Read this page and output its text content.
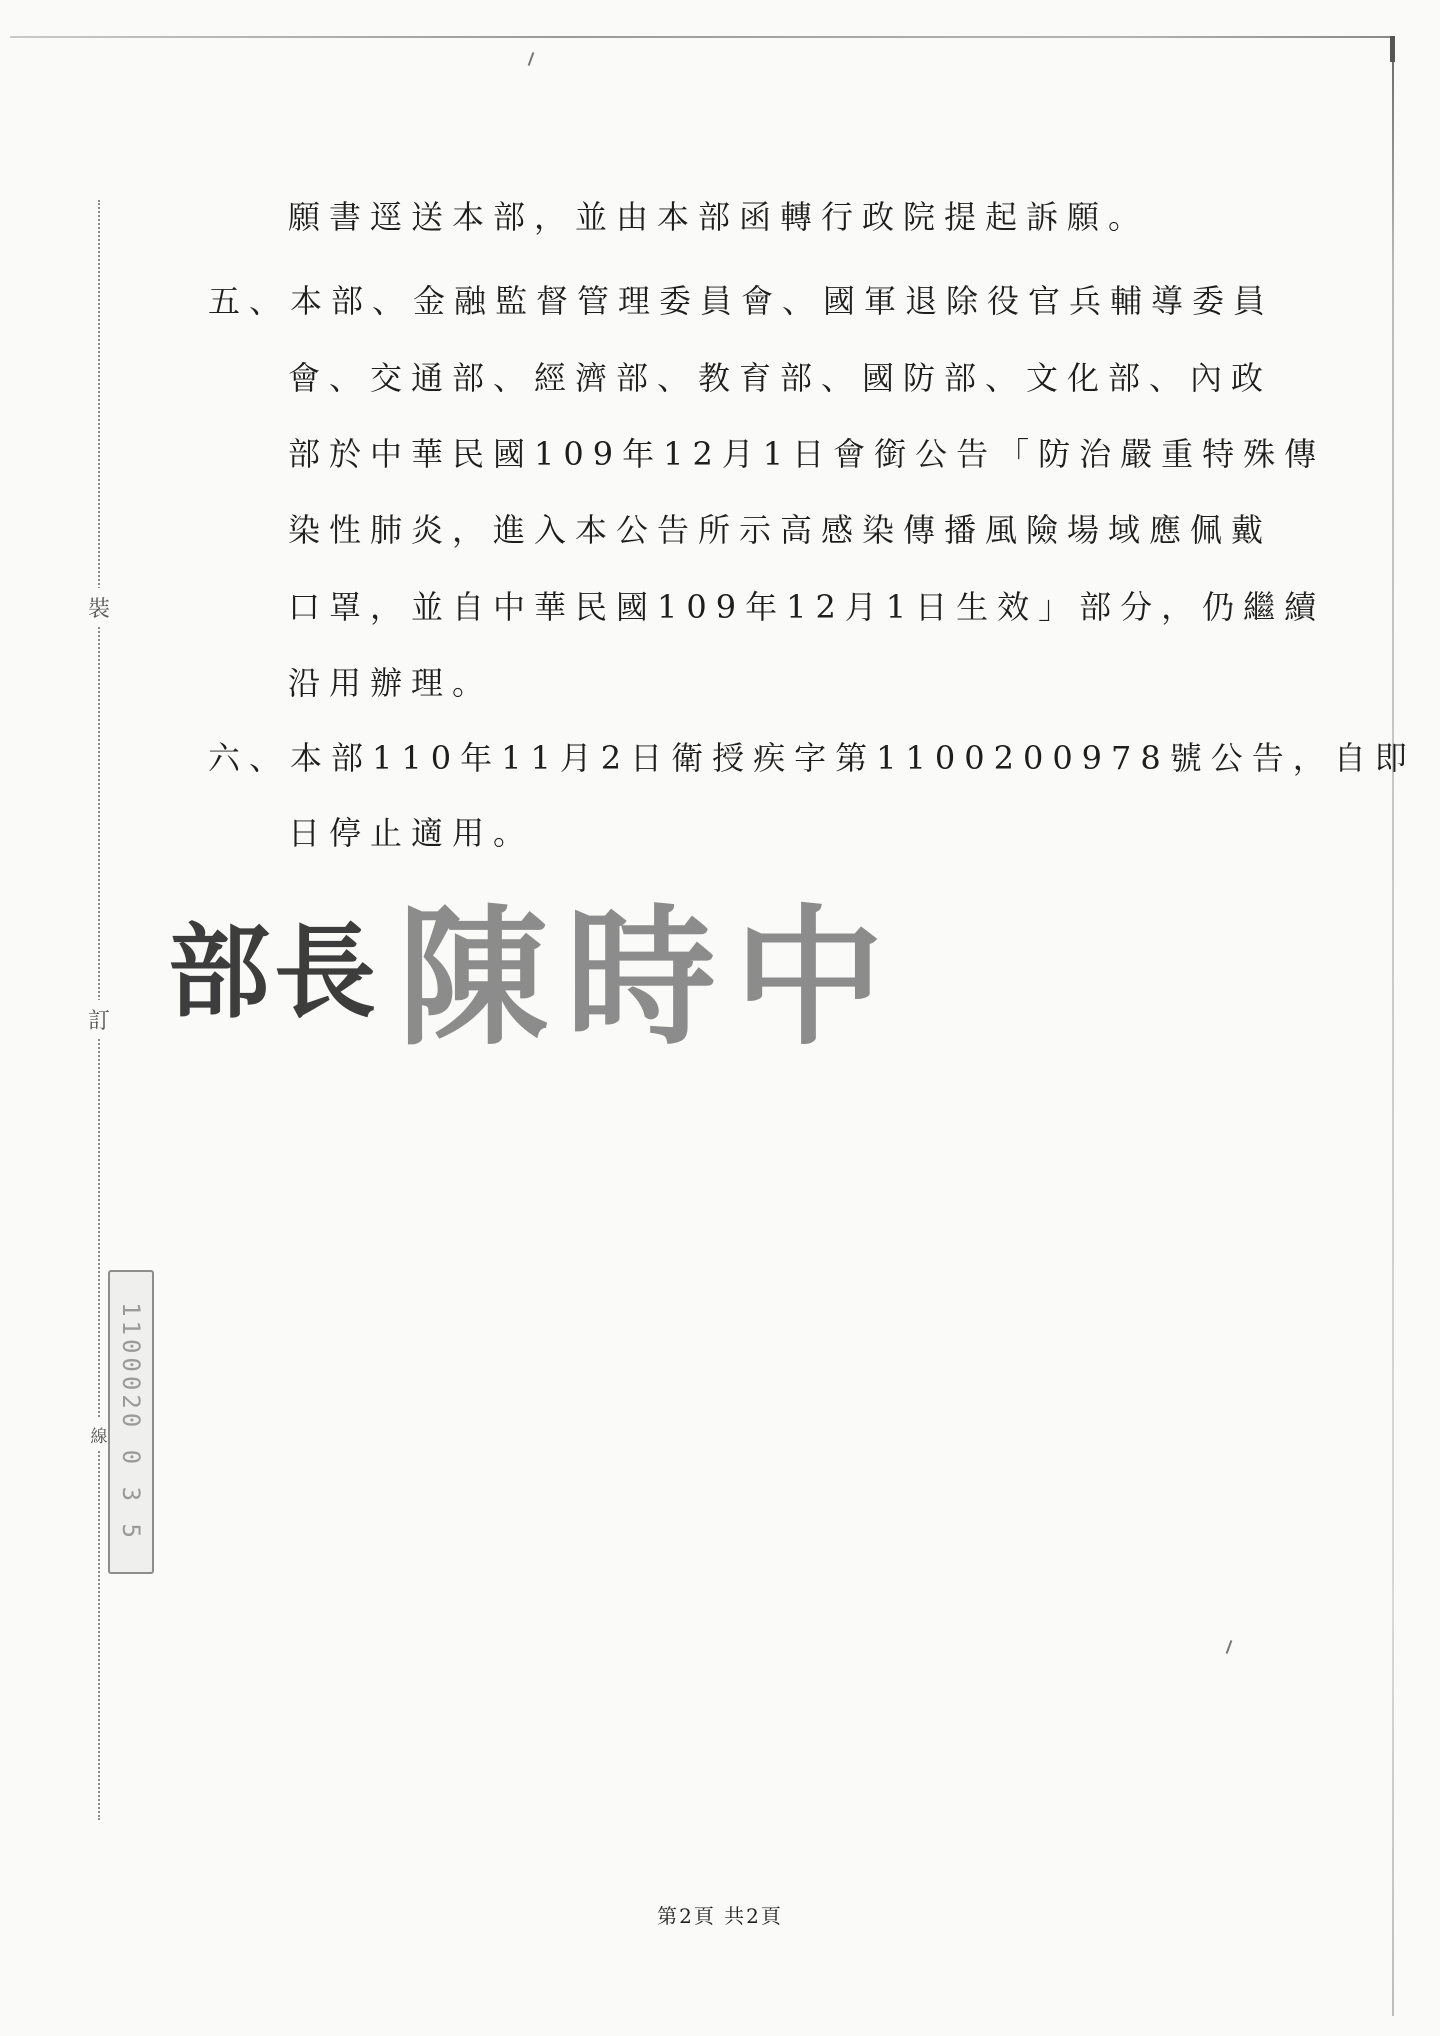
裝
訂
線 1100020 0 3 5
願書逕送本部，並由本部函轉行政院提起訴願。
五、本部、金融監督管理委員會、國軍退除役官兵輔導委員
會、交通部、經濟部、教育部、國防部、文化部、內政
部於中華民國109年12月1日會銜公告「防治嚴重特殊傳
染性肺炎，進入本公告所示高感染傳播風險場域應佩戴
口罩，並自中華民國109年12月1日生效」部分，仍繼續
沿用辦理。
六、本部110年11月2日衛授疾字第1100200978號公告，自即
日停止適用。
部長 陳時中
第2頁 共2頁
